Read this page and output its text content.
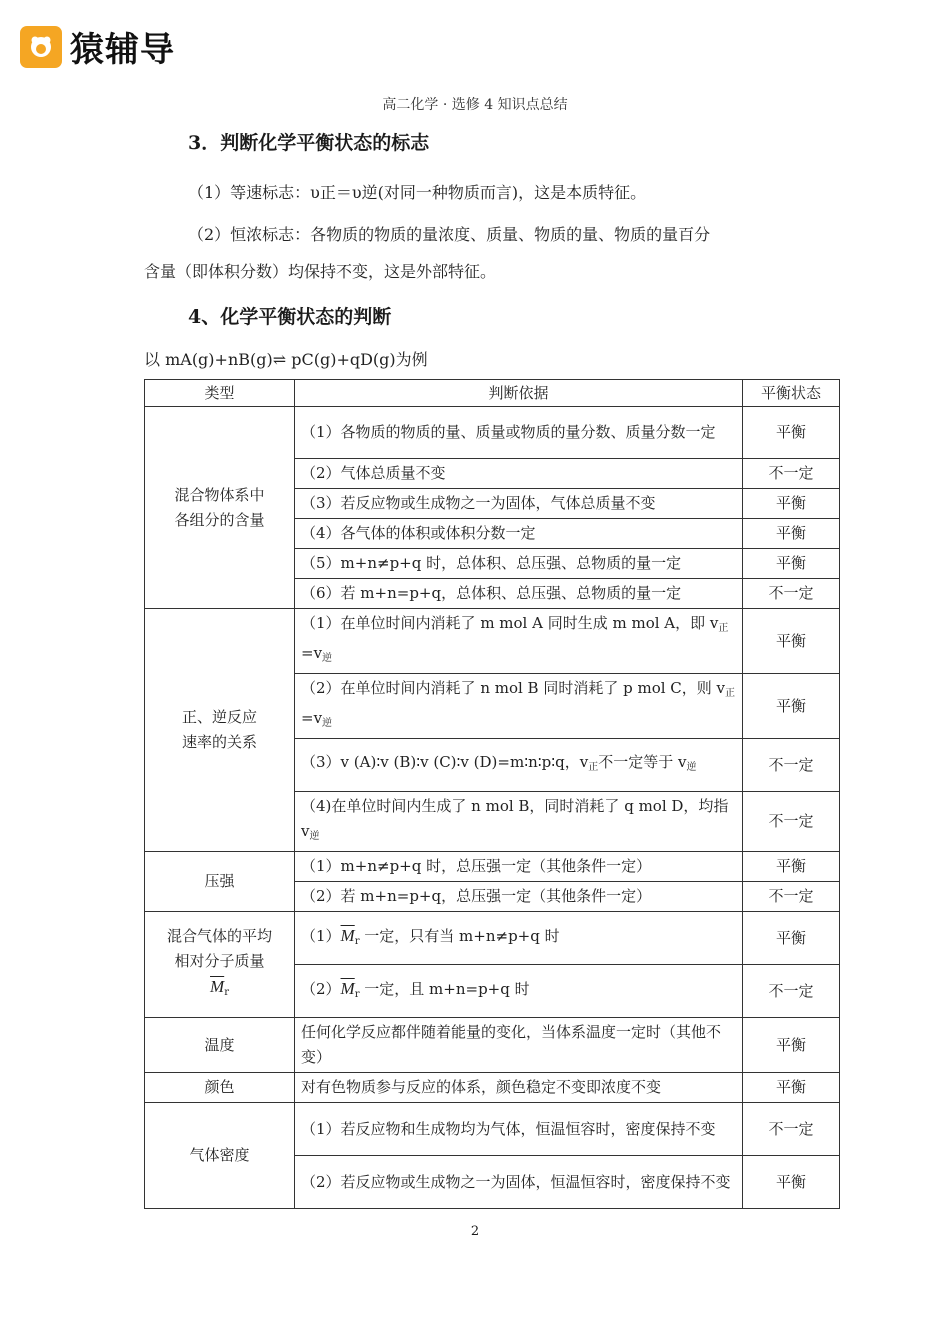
猿辅导
高二化学 · 选修 4 知识点总结
3．判断化学平衡状态的标志
（1）等速标志：υ正＝υ逆(对同一种物质而言)，这是本质特征。
（2）恒浓标志：各物质的物质的量浓度、质量、物质的量、物质的量百分
含量（即体积分数）均保持不变，这是外部特征。
4、化学平衡状态的判断
以 mA(g)+nB(g)⇌ pC(g)+qD(g)为例
类型	判断依据	平衡状态
混合物体系中
各组分的含量	（1）各物质的物质的量、质量或物质的量分数、质量分数一定	平衡
	（2）气体总质量不变	不一定
	（3）若反应物或生成物之一为固体，气体总质量不变	平衡
	（4）各气体的体积或体积分数一定	平衡
	（5）m+n≠p+q 时，总体积、总压强、总物质的量一定	平衡
	（6）若 m+n=p+q，总体积、总压强、总物质的量一定	不一定
正、逆反应
速率的关系	（1）在单位时间内消耗了 m mol A 同时生成 m mol A，即 $v_正=v_逆$	平衡
	（2）在单位时间内消耗了 n mol B 同时消耗了 p mol C，则 $v_正=v_逆$	平衡
	（3）v (A)∶v (B)∶v (C)∶v (D)=m∶n∶p∶q，$v_正$不一定等于 $v_逆$	不一定
	（4)在单位时间内生成了 n mol B，同时消耗了 q mol D，均指 $v_逆$	不一定
压强	（1）m+n≠p+q 时，总压强一定（其他条件一定）	平衡
	（2）若 m+n=p+q，总压强一定（其他条件一定）	不一定
混合气体的平均
相对分子质量
$\overline{M}_r$	$(1)\overline{M}_r$ 一定，只有当 m+n≠p+q 时	平衡
	$(2)\overline{M}_r$ 一定，且 m+n=p+q 时	不一定
温度	任何化学反应都伴随着能量的变化，当体系温度一定时（其他不变）	平衡
颜色	对有色物质参与反应的体系，颜色稳定不变即浓度不变	平衡
气体密度	（1）若反应物和生成物均为气体，恒温恒容时，密度保持不变	不一定
	（2）若反应物或生成物之一为固体，恒温恒容时，密度保持不变	平衡
2
